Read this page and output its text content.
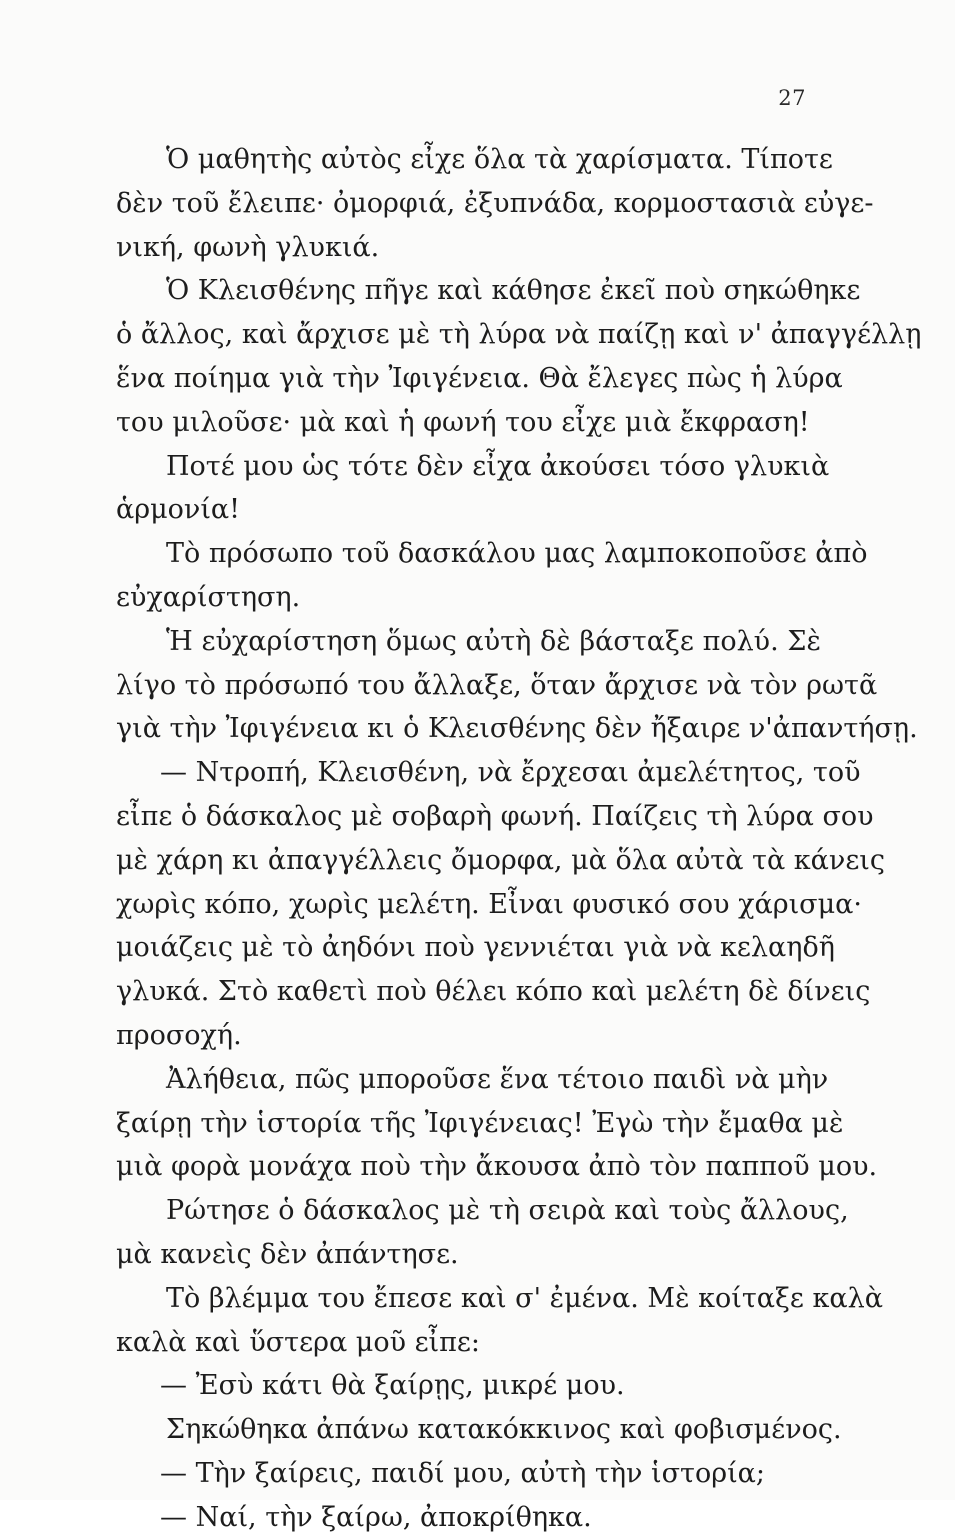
27
Ὁ μαθητὴς αὐτὸς εἶχε ὅλα τὰ χαρίσματα. Τίποτε
δὲν τοῦ ἔλειπε· ὀμορφιά, ἐξυπνάδα, κορμοστασιὰ εὐγε-
νική, φωνὴ γλυκιά.
Ὁ Κλεισθένης πῆγε καὶ κάθησε ἐκεῖ ποὺ σηκώθηκε
ὁ ἄλλος, καὶ ἄρχισε μὲ τὴ λύρα νὰ παίζῃ καὶ ν' ἀπαγγέλλῃ
ἕνα ποίημα γιὰ τὴν Ἰφιγένεια. Θὰ ἔλεγες πὼς ἡ λύρα
του μιλοῦσε· μὰ καὶ ἡ φωνή του εἶχε μιὰ ἔκφραση!
Ποτέ μου ὡς τότε δὲν εἶχα ἀκούσει τόσο γλυκιὰ
ἁρμονία!
Τὸ πρόσωπο τοῦ δασκάλου μας λαμποκοποῦσε ἀπὸ
εὐχαρίστηση.
Ἡ εὐχαρίστηση ὅμως αὐτὴ δὲ βάσταξε πολύ. Σὲ
λίγο τὸ πρόσωπό του ἄλλαξε, ὅταν ἄρχισε νὰ τὸν ρωτᾶ
γιὰ τὴν Ἰφιγένεια κι ὁ Κλεισθένης δὲν ἤξαιρε ν'ἀπαντήσῃ.
— Ντροπή, Κλεισθένη, νὰ ἔρχεσαι ἀμελέτητος, τοῦ
εἶπε ὁ δάσκαλος μὲ σοβαρὴ φωνή. Παίζεις τὴ λύρα σου
μὲ χάρη κι ἀπαγγέλλεις ὄμορφα, μὰ ὅλα αὐτὰ τὰ κάνεις
χωρὶς κόπο, χωρὶς μελέτη. Εἶναι φυσικό σου χάρισμα·
μοιάζεις μὲ τὸ ἀηδόνι ποὺ γεννιέται γιὰ νὰ κελαηδῆ
γλυκά. Στὸ καθετὶ ποὺ θέλει κόπο καὶ μελέτη δὲ δίνεις
προσοχή.
Ἀλήθεια, πῶς μποροῦσε ἕνα τέτοιο παιδὶ νὰ μὴν
ξαίρῃ τὴν ἱστορία τῆς Ἰφιγένειας! Ἐγὼ τὴν ἔμαθα μὲ
μιὰ φορὰ μονάχα ποὺ τὴν ἄκουσα ἀπὸ τὸν παπποῦ μου.
Ρώτησε ὁ δάσκαλος μὲ τὴ σειρὰ καὶ τοὺς ἄλλους,
μὰ κανεὶς δὲν ἀπάντησε.
Τὸ βλέμμα του ἔπεσε καὶ σ' ἐμένα. Μὲ κοίταξε καλὰ
καλὰ καὶ ὕστερα μοῦ εἶπε:
— Ἐσὺ κάτι θὰ ξαίρῃς, μικρέ μου.
Σηκώθηκα ἀπάνω κατακόκκινος καὶ φοβισμένος.
— Τὴν ξαίρεις, παιδί μου, αὐτὴ τὴν ἱστορία;
— Ναί, τὴν ξαίρω, ἀποκρίθηκα.
